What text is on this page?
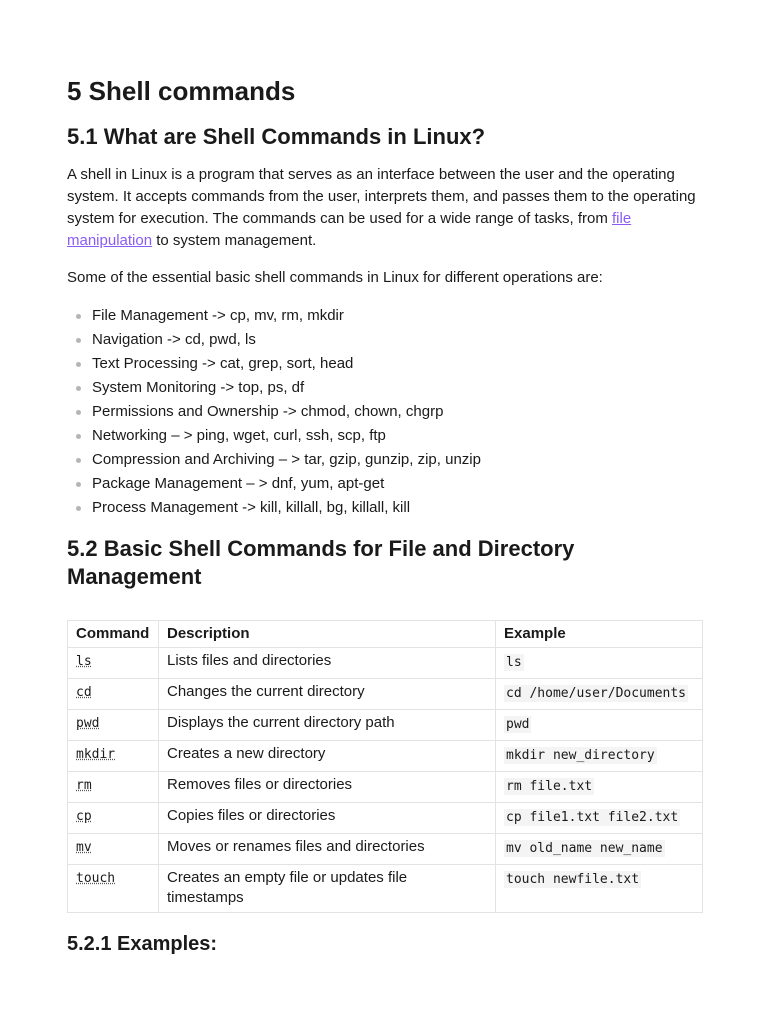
5 Shell commands
5.1 What are Shell Commands in Linux?

A shell in Linux is a program that serves as an interface between the user and the operating system. It accepts commands from the user, interprets them, and passes them to the operating system for execution. The commands can be used for a wide range of tasks, from file manipulation to system management.

Some of the essential basic shell commands in Linux for different operations are:

File Management -> cp, mv, rm, mkdir
Navigation -> cd, pwd, ls
Text Processing -> cat, grep, sort, head
System Monitoring -> top, ps, df
Permissions and Ownership -> chmod, chown, chgrp
Networking – > ping, wget, curl, ssh, scp, ftp
Compression and Archiving – > tar, gzip, gunzip, zip, unzip
Package Management – > dnf, yum, apt-get
Process Management -> kill, killall, bg, killall, kill
5.2 Basic Shell Commands for File and Directory Management
Command	Description	Example
ls	Lists files and directories	ls
cd	Changes the current directory	cd /home/user/Documents
pwd	Displays the current directory path	pwd
mkdir	Creates a new directory	mkdir new_directory
rm	Removes files or directories	rm file.txt
cp	Copies files or directories	cp file1.txt file2.txt
mv	Moves or renames files and directories	mv old_name new_name
touch	Creates an empty file or updates file timestamps	touch newfile.txt
5.2.1 Examples:
